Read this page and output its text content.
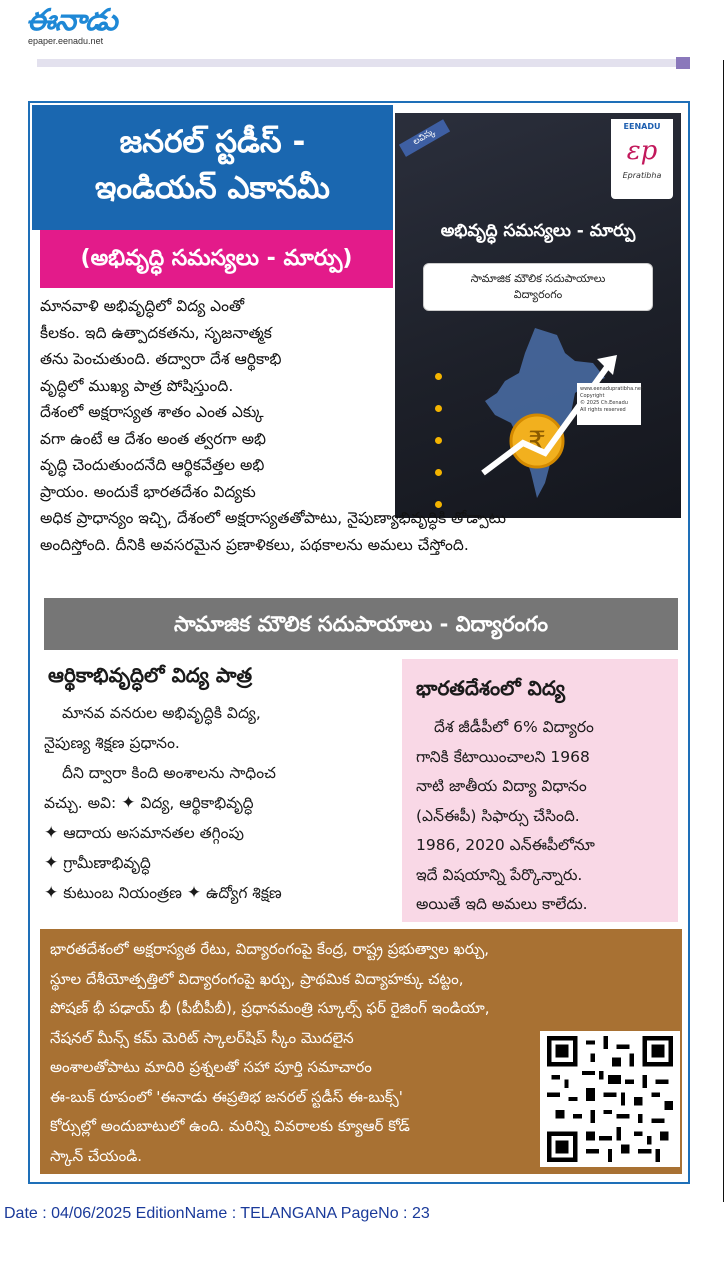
ఈనాడు
epaper.eenadu.net
జనరల్ స్టడీస్ -
ఇండియన్ ఎకానమీ
(అభివృద్ధి సమస్యలు - మార్పు)
లవిస్క
EENADU
εp
Epratibha
అభివృద్ధి సమస్యలు - మార్పు
సామాజిక మౌలిక సదుపాయాలు
విద్యారంగం
₹
www.eenadupratibha.net
Copyright
© 2025 Ch.Eenadu
All rights reserved
మానవాళి అభివృద్ధిలో విద్య ఎంతో
కీలకం. ఇది ఉత్పాదకతను, సృజనాత్మక
తను పెంచుతుంది. తద్వారా దేశ ఆర్థికాభి
వృద్ధిలో ముఖ్య పాత్ర పోషిస్తుంది.
దేశంలో అక్షరాస్యత శాతం ఎంత ఎక్కు
వగా ఉంటే ఆ దేశం అంత త్వరగా అభి
వృద్ధి చెందుతుందనేది ఆర్థికవేత్తల అభి
ప్రాయం. అందుకే భారతదేశం విద్యకు
అధిక ప్రాధాన్యం ఇచ్చి, దేశంలో అక్షరాస్యతతోపాటు, నైపుణ్యాభివృద్ధికి తోడ్పాటు
అందిస్తోంది. దీనికి అవసరమైన ప్రణాళికలు, పథకాలను అమలు చేస్తోంది.
సామాజిక మౌలిక సదుపాయాలు - విద్యారంగం
ఆర్థికాభివృద్ధిలో విద్య పాత్ర
మానవ వనరుల అభివృద్ధికి విద్య,
నైపుణ్య శిక్షణ ప్రధానం.
దీని ద్వారా కింది అంశాలను సాధించ
వచ్చు. అవి: ✦ విద్య, ఆర్థికాభివృద్ధి
✦ ఆదాయ అసమానతల తగ్గింపు
✦ గ్రామీణాభివృద్ధి
✦ కుటుంబ నియంత్రణ ✦ ఉద్యోగ శిక్షణ
భారతదేశంలో విద్య
దేశ జీడీపీలో 6% విద్యారం
గానికి కేటాయించాలని 1968
నాటి జాతీయ విద్యా విధానం
(ఎన్‌ఈపీ) సిఫార్సు చేసింది.
1986, 2020 ఎన్‌ఈపీలోనూ
ఇదే విషయాన్ని పేర్కొన్నారు.
అయితే ఇది అమలు కాలేదు.
భారతదేశంలో అక్షరాస్యత రేటు, విద్యారంగంపై కేంద్ర, రాష్ట్ర ప్రభుత్వాల ఖర్చు,
స్థూల దేశీయోత్పత్తిలో విద్యారంగంపై ఖర్చు, ప్రాథమిక విద్యాహక్కు చట్టం,
పోషణ్ భీ పఢాయ్ భీ (పీబీపీబీ), ప్రధానమంత్రి స్కూల్స్ ఫర్ రైజింగ్ ఇండియా,
నేషనల్ మీన్స్ కమ్ మెరిట్ స్కాలర్‌షిప్ స్కీం మొదలైన
అంశాలతోపాటు మాదిరి ప్రశ్నలతో సహా పూర్తి సమాచారం
ఈ-బుక్ రూపంలో 'ఈనాడు ఈప్రతిభ జనరల్ స్టడీస్ ఈ-బుక్స్'
కోర్సుల్లో అందుబాటులో ఉంది. మరిన్ని వివరాలకు క్యూఆర్ కోడ్
స్కాన్ చేయండి.
Date : 04/06/2025 EditionName : TELANGANA PageNo : 23
